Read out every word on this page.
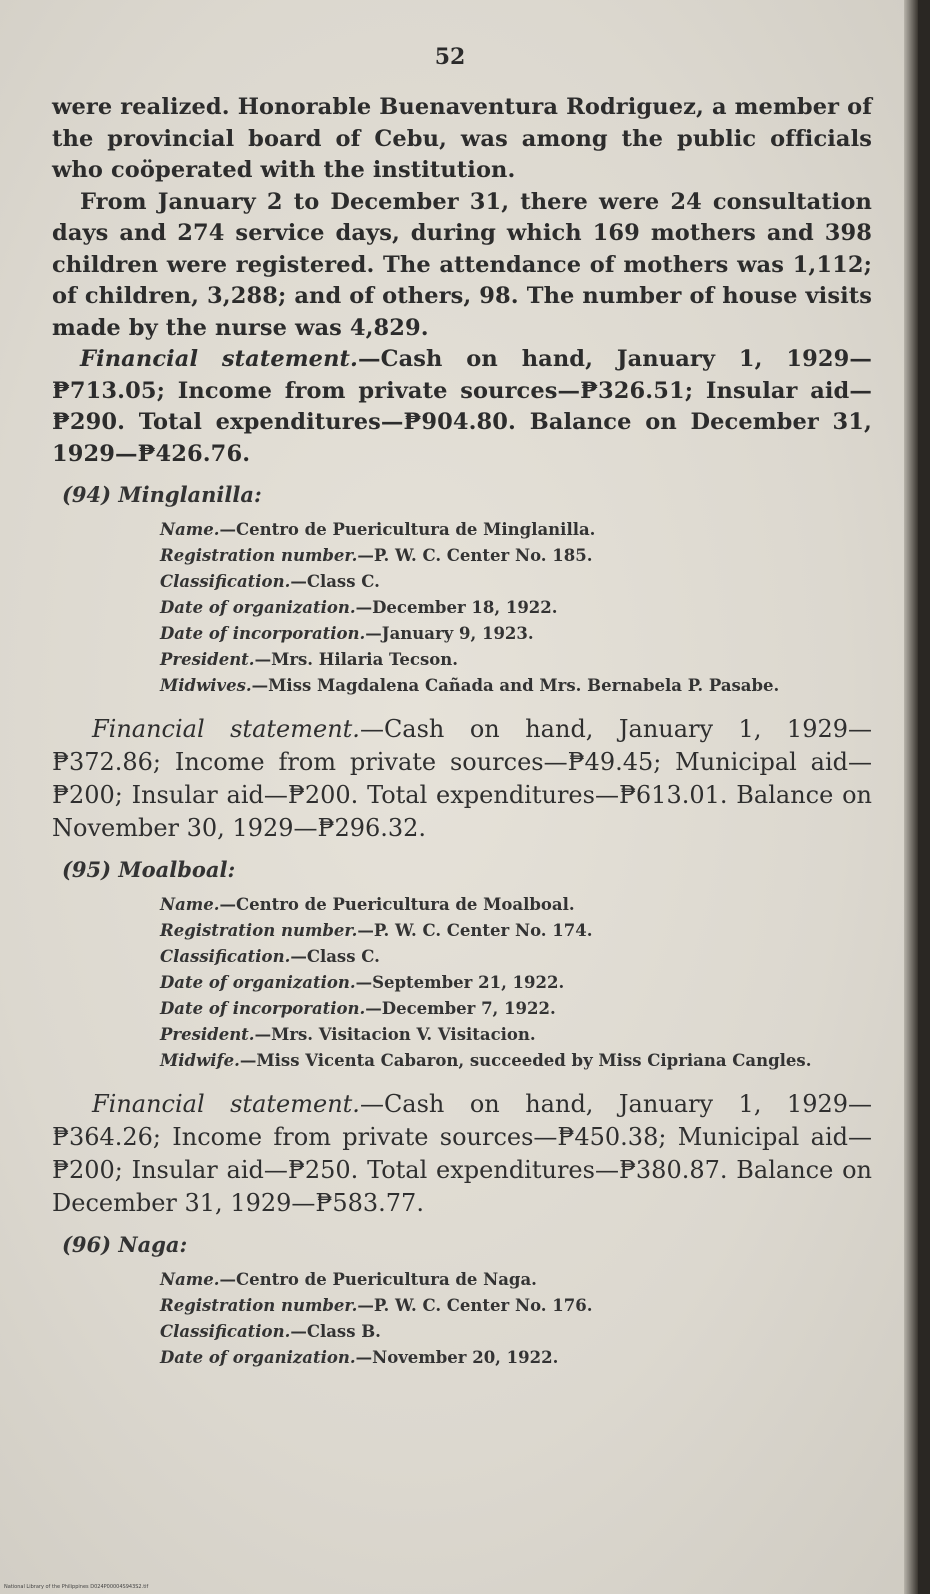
52

were realized. Honorable Buenaventura Rodriguez, a member of the provincial board of Cebu, was among the public officials who coöperated with the institution.

From January 2 to December 31, there were 24 consultation days and 274 service days, during which 169 mothers and 398 children were registered. The attendance of mothers was 1,112; of children, 3,288; and of others, 98. The number of house visits made by the nurse was 4,829.

Financial statement.—Cash on hand, January 1, 1929—₱713.05; Income from private sources—₱326.51; Insular aid—₱290. Total expenditures—₱904.80. Balance on December 31, 1929—₱426.76.

(94) Minglanilla:
Name.—Centro de Puericultura de Minglanilla.
Registration number.—P. W. C. Center No. 185.
Classification.—Class C.
Date of organization.—December 18, 1922.
Date of incorporation.—January 9, 1923.
President.—Mrs. Hilaria Tecson.
Midwives.—Miss Magdalena Cañada and Mrs. Bernabela P. Pasabe.

Financial statement.—Cash on hand, January 1, 1929—₱372.86; Income from private sources—₱49.45; Municipal aid—₱200; Insular aid—₱200. Total expenditures—₱613.01. Balance on November 30, 1929—₱296.32.

(95) Moalboal:
Name.—Centro de Puericultura de Moalboal.
Registration number.—P. W. C. Center No. 174.
Classification.—Class C.
Date of organization.—September 21, 1922.
Date of incorporation.—December 7, 1922.
President.—Mrs. Visitacion V. Visitacion.
Midwife.—Miss Vicenta Cabaron, succeeded by Miss Cipriana Cangles.

Financial statement.—Cash on hand, January 1, 1929—₱364.26; Income from private sources—₱450.38; Municipal aid—₱200; Insular aid—₱250. Total expenditures—₱380.87. Balance on December 31, 1929—₱583.77.

(96) Naga:
Name.—Centro de Puericultura de Naga.
Registration number.—P. W. C. Center No. 176.
Classification.—Class B.
Date of organization.—November 20, 1922.
National Library of the Philippines D024P00004S943S2.tif
